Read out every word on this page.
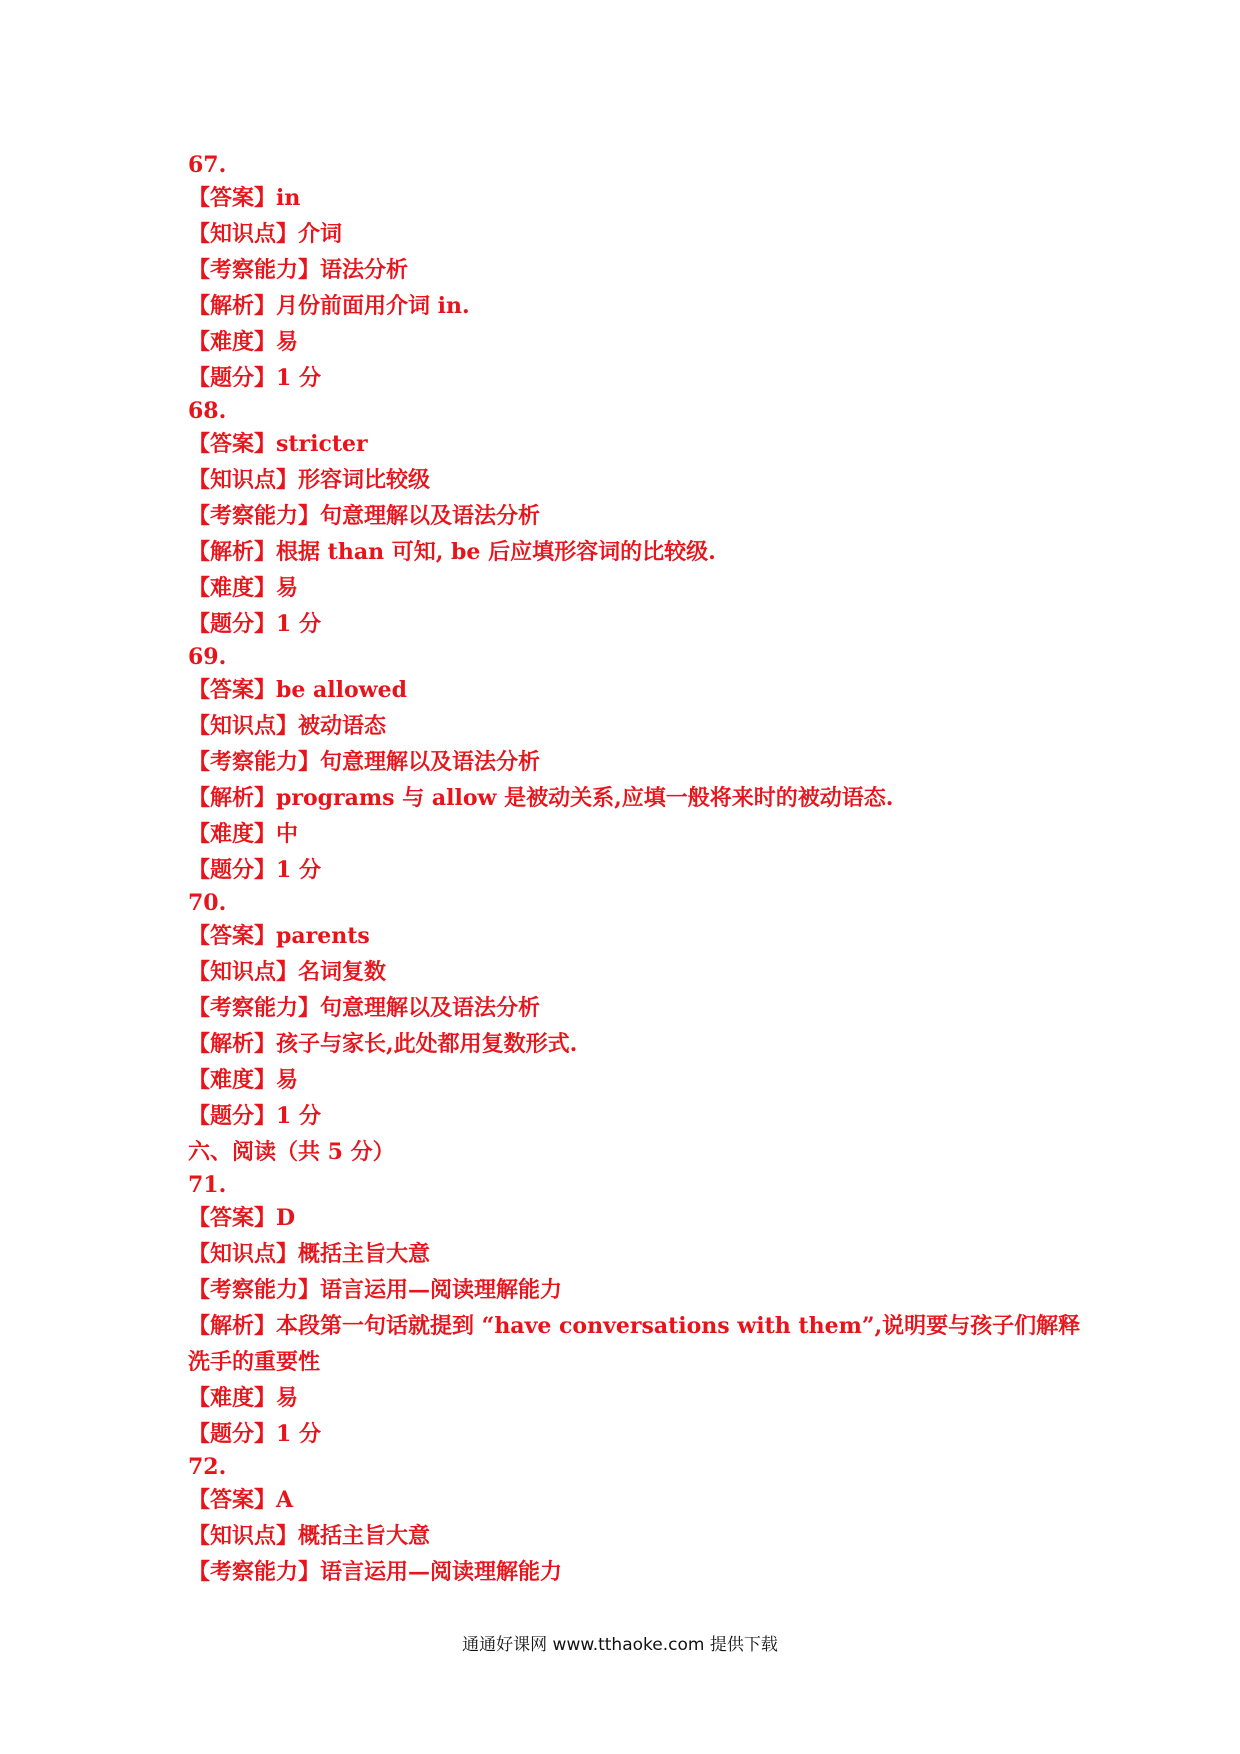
67.
【答案】in
【知识点】介词
【考察能力】语法分析
【解析】月份前面用介词 in.
【难度】易
【题分】1 分
68.
【答案】stricter
【知识点】形容词比较级
【考察能力】句意理解以及语法分析
【解析】根据 than 可知, be 后应填形容词的比较级.
【难度】易
【题分】1 分
69.
【答案】be allowed
【知识点】被动语态
【考察能力】句意理解以及语法分析
【解析】programs 与 allow 是被动关系,应填一般将来时的被动语态.
【难度】中
【题分】1 分
70.
【答案】parents
【知识点】名词复数
【考察能力】句意理解以及语法分析
【解析】孩子与家长,此处都用复数形式.
【难度】易
【题分】1 分
六、阅读（共 5 分）
71.
【答案】D
【知识点】概括主旨大意
【考察能力】语言运用—阅读理解能力
【解析】本段第一句话就提到 “have conversations with them”,说明要与孩子们解释
洗手的重要性
【难度】易
【题分】1 分
72.
【答案】A
【知识点】概括主旨大意
【考察能力】语言运用—阅读理解能力
通通好课网 www.tthaoke.com 提供下载
